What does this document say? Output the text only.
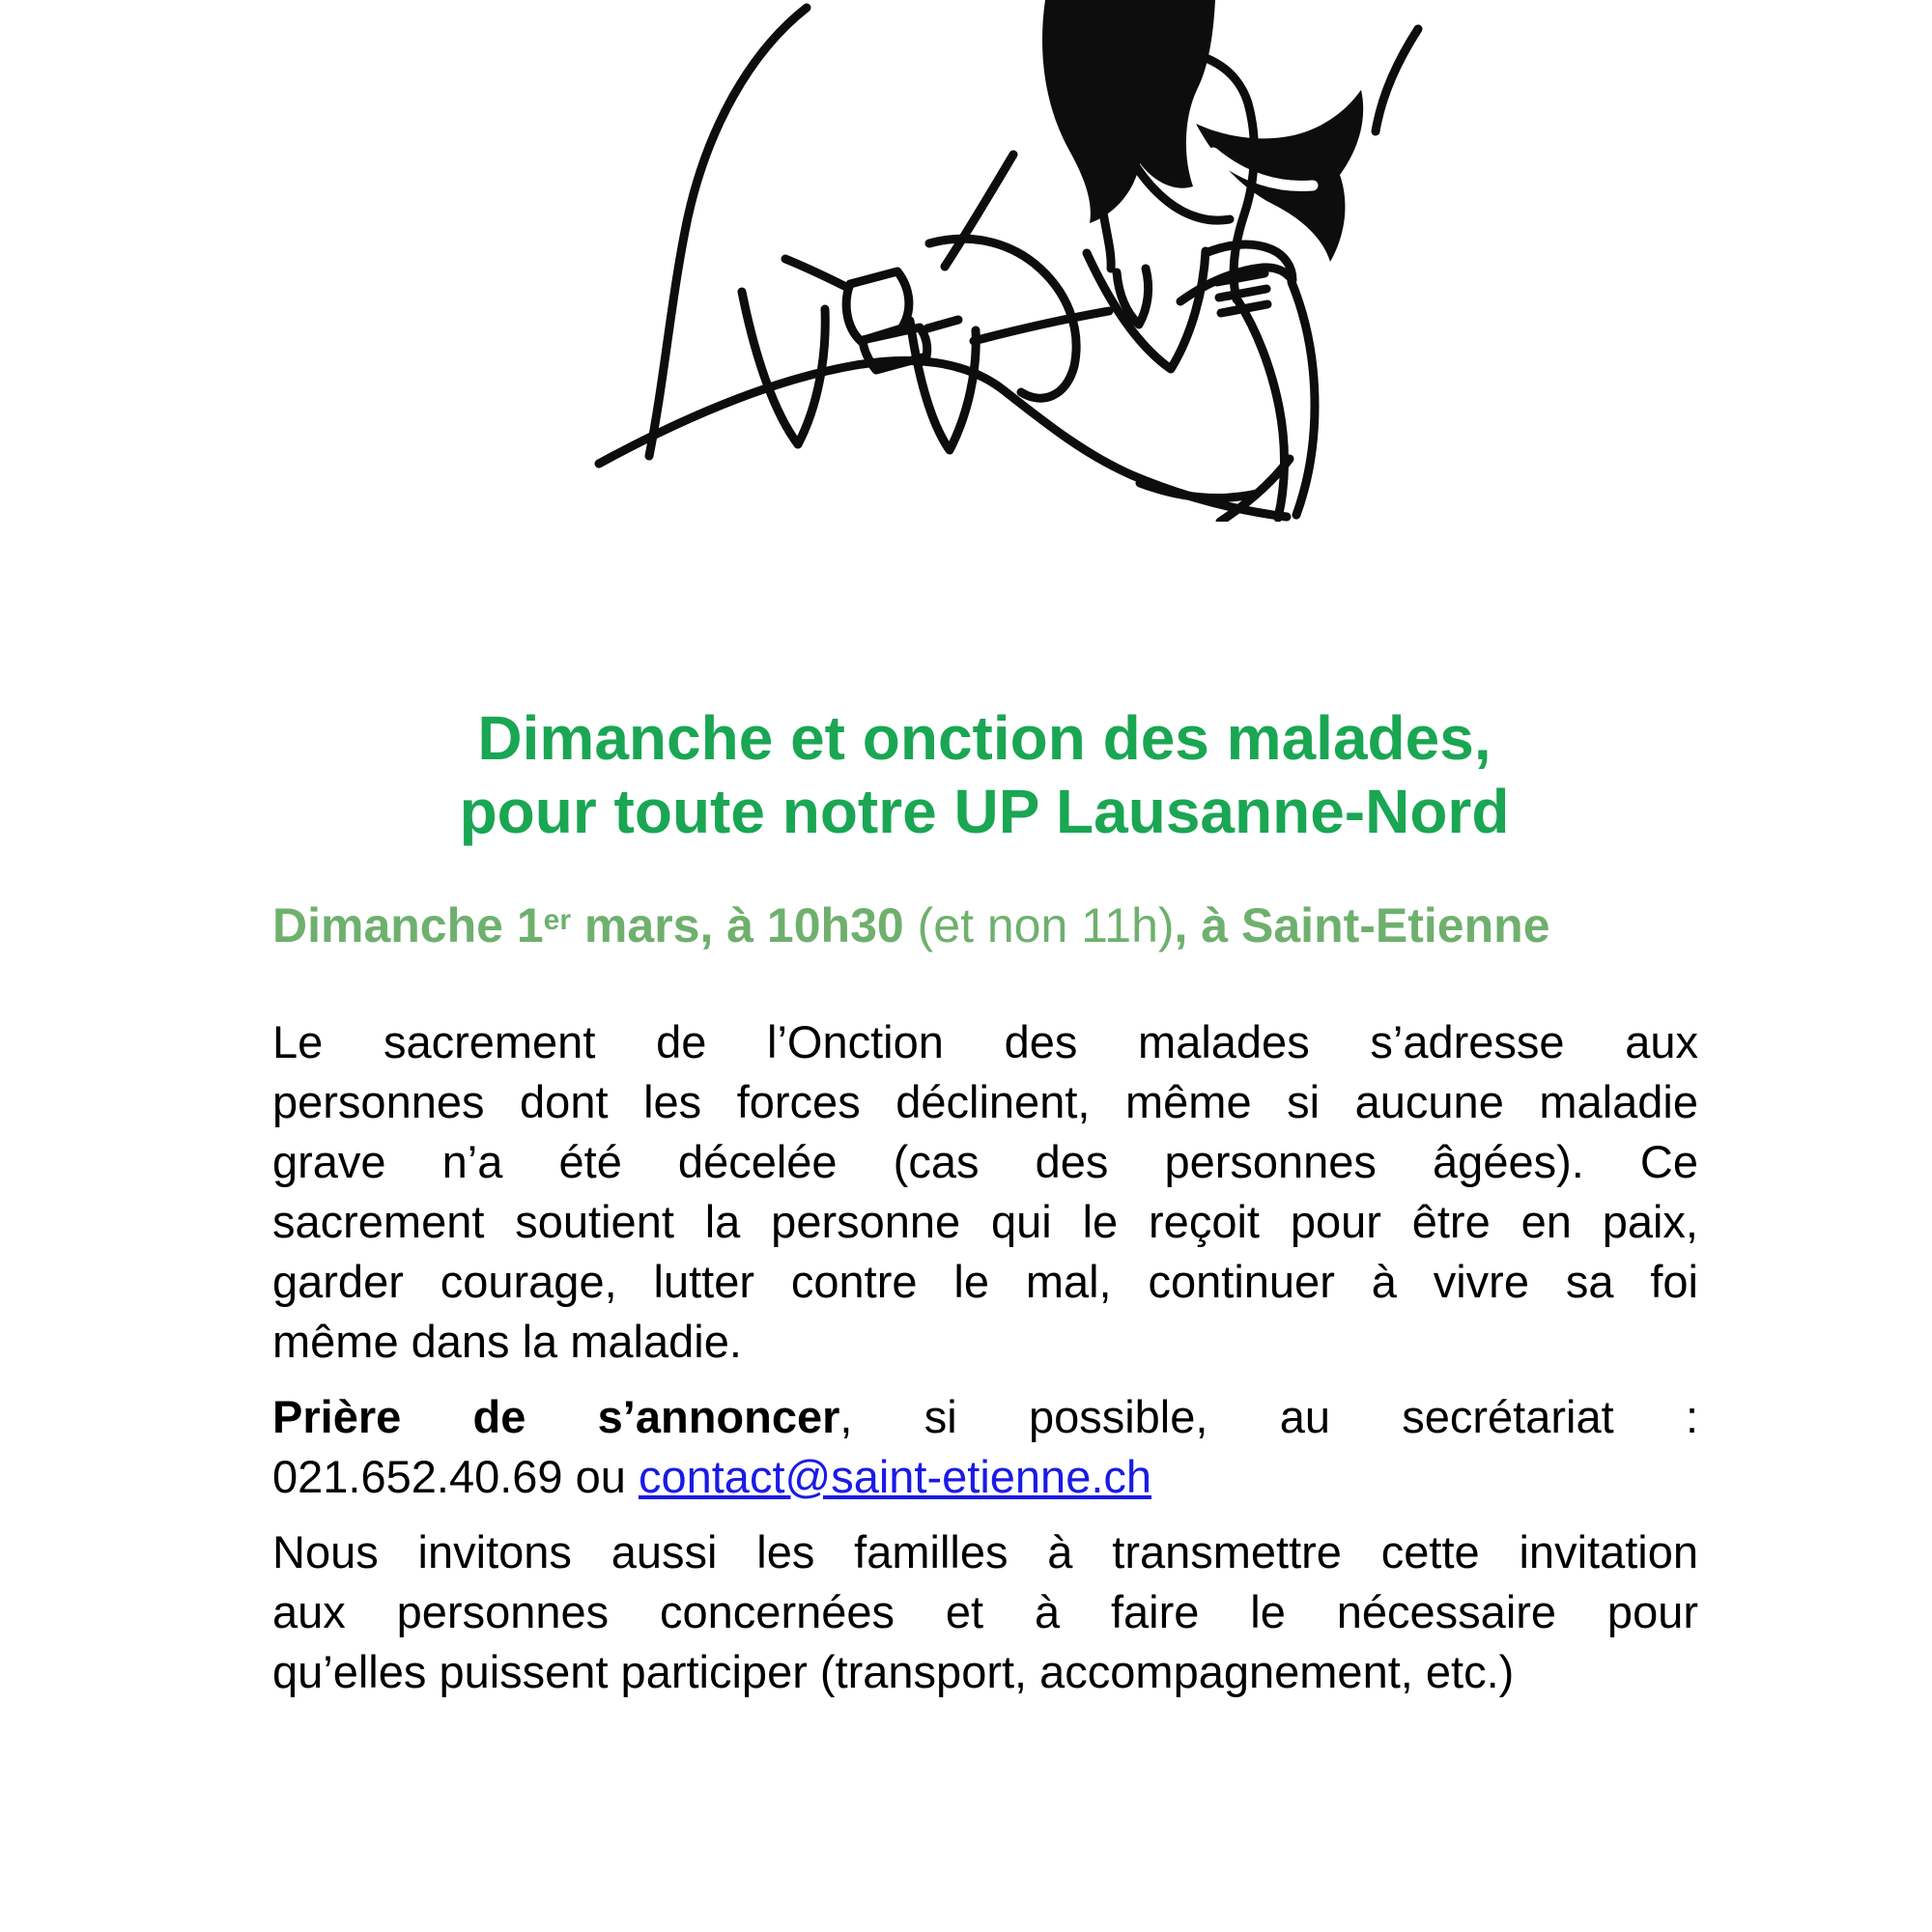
Dimanche et onction des malades,
pour toute notre UP Lausanne-Nord
Dimanche 1er mars, à 10h30 (et non 11h), à Saint-Etienne
Le sacrement de l’Onction des malades s’adresse aux
personnes dont les forces déclinent, même si aucune maladie
grave n’a été décelée (cas des personnes âgées). Ce
sacrement soutient la personne qui le reçoit pour être en paix,
garder courage, lutter contre le mal, continuer à vivre sa foi
même dans la maladie.
Prière de s’annoncer, si possible, au secrétariat :
021.652.40.69 ou contact@saint-etienne.ch
Nous invitons aussi les familles à transmettre cette invitation
aux personnes concernées et à faire le nécessaire pour
qu’elles puissent participer (transport, accompagnement, etc.)
